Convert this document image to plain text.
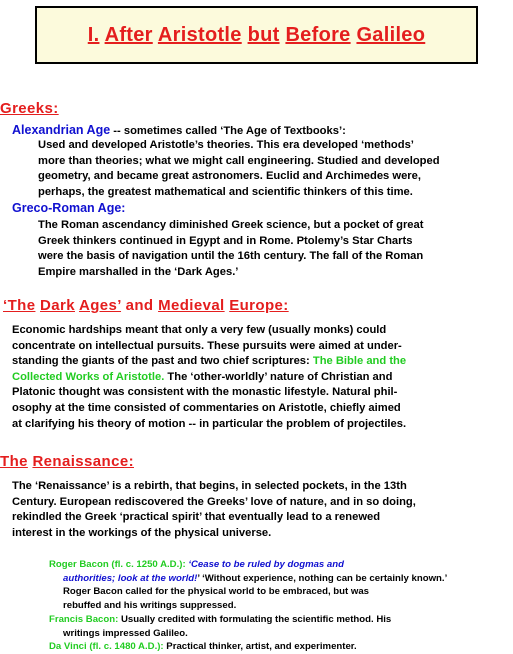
I. After Aristotle but Before Galileo
Greeks:
Alexandrian Age -- sometimes called ‘The Age of Textbooks’:
Used and developed Aristotle’s theories. This era developed ‘methods’
more than theories; what we might call engineering. Studied and developed
geometry, and became great astronomers. Euclid and Archimedes were,
perhaps, the greatest mathematical and scientific thinkers of this time.
Greco-Roman Age:
The Roman ascendancy diminished Greek science, but a pocket of great
Greek thinkers continued in Egypt and in Rome. Ptolemy’s Star Charts
were the basis of navigation until the 16th century. The fall of the Roman
Empire marshalled in the ‘Dark Ages.’
‘The Dark Ages’ and Medieval Europe:
Economic hardships meant that only a very few (usually monks) could
concentrate on intellectual pursuits. These pursuits were aimed at under-
standing the giants of the past and two chief scriptures: The Bible and the
Collected Works of Aristotle. The ‘other-worldly’ nature of Christian and
Platonic thought was consistent with the monastic lifestyle. Natural phil-
osophy at the time consisted of commentaries on Aristotle, chiefly aimed
at clarifying his theory of motion -- in particular the problem of projectiles.
The Renaissance:
The ‘Renaissance’ is a rebirth, that begins, in selected pockets, in the 13th
Century. European rediscovered the Greeks’ love of nature, and in so doing,
rekindled the Greek ‘practical spirit’ that eventually lead to a renewed
interest in the workings of the physical universe.
Roger Bacon (fl. c. 1250 A.D.): ‘Cease to be ruled by dogmas and
authorities; look at the world!’ ‘Without experience, nothing can be certainly known.’
Roger Bacon called for the physical world to be embraced, but was
rebuffed and his writings suppressed.
Francis Bacon: Usually credited with formulating the scientific method. His
writings impressed Galileo.
Da Vinci (fl. c. 1480 A.D.): Practical thinker, artist, and experimenter.
